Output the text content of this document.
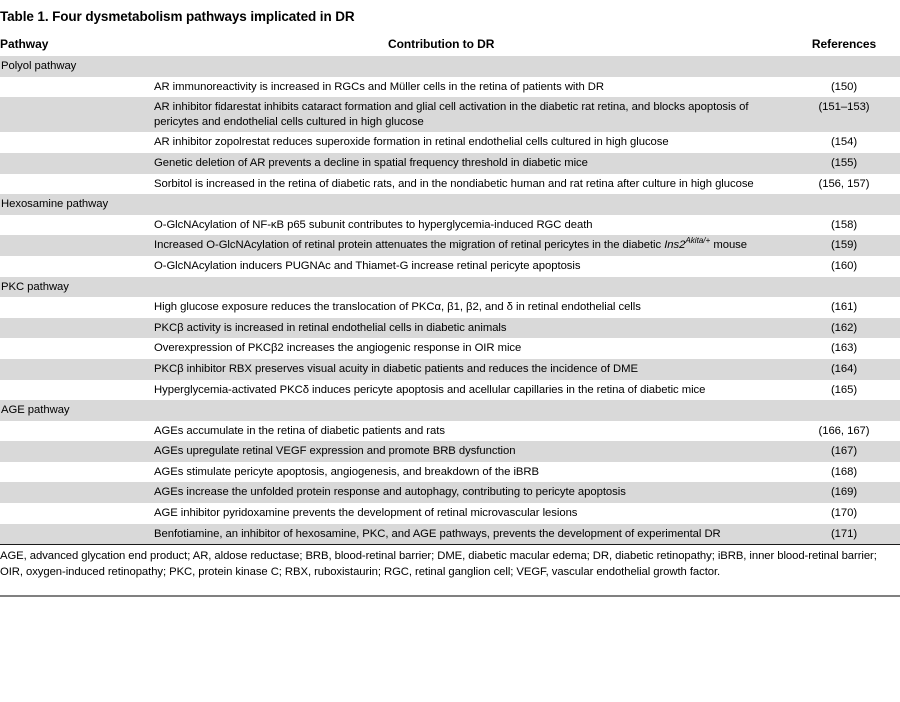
Table 1. Four dysmetabolism pathways implicated in DR
Pathway	Contribution to DR	References
Polyol pathway		
	AR immunoreactivity is increased in RGCs and Müller cells in the retina of patients with DR	(150)
	AR inhibitor fidarestat inhibits cataract formation and glial cell activation in the diabetic rat retina, and blocks apoptosis of pericytes and endothelial cells cultured in high glucose	(151–153)
	AR inhibitor zopolrestat reduces superoxide formation in retinal endothelial cells cultured in high glucose	(154)
	Genetic deletion of AR prevents a decline in spatial frequency threshold in diabetic mice	(155)
	Sorbitol is increased in the retina of diabetic rats, and in the nondiabetic human and rat retina after culture in high glucose	(156, 157)
Hexosamine pathway		
	O-GlcNAcylation of NF-κB p65 subunit contributes to hyperglycemia-induced RGC death	(158)
	Increased O-GlcNAcylation of retinal protein attenuates the migration of retinal pericytes in the diabetic $Ins2^{Akita/+}$ mouse	(159)
	O-GlcNAcylation inducers PUGNAc and Thiamet-G increase retinal pericyte apoptosis	(160)
PKC pathway		
	High glucose exposure reduces the translocation of PKCα, β1, β2, and δ in retinal endothelial cells	(161)
	PKCβ activity is increased in retinal endothelial cells in diabetic animals	(162)
	Overexpression of PKCβ2 increases the angiogenic response in OIR mice	(163)
	PKCβ inhibitor RBX preserves visual acuity in diabetic patients and reduces the incidence of DME	(164)
	Hyperglycemia-activated PKCδ induces pericyte apoptosis and acellular capillaries in the retina of diabetic mice	(165)
AGE pathway		
	AGEs accumulate in the retina of diabetic patients and rats	(166, 167)
	AGEs upregulate retinal VEGF expression and promote BRB dysfunction	(167)
	AGEs stimulate pericyte apoptosis, angiogenesis, and breakdown of the iBRB	(168)
	AGEs increase the unfolded protein response and autophagy, contributing to pericyte apoptosis	(169)
	AGE inhibitor pyridoxamine prevents the development of retinal microvascular lesions	(170)
	Benfotiamine, an inhibitor of hexosamine, PKC, and AGE pathways, prevents the development of experimental DR	(171)
AGE, advanced glycation end product; AR, aldose reductase; BRB, blood-retinal barrier; DME, diabetic macular edema; DR, diabetic retinopathy; iBRB, inner blood-retinal barrier; OIR, oxygen-induced retinopathy; PKC, protein kinase C; RBX, ruboxistaurin; RGC, retinal ganglion cell; VEGF, vascular endothelial growth factor.
